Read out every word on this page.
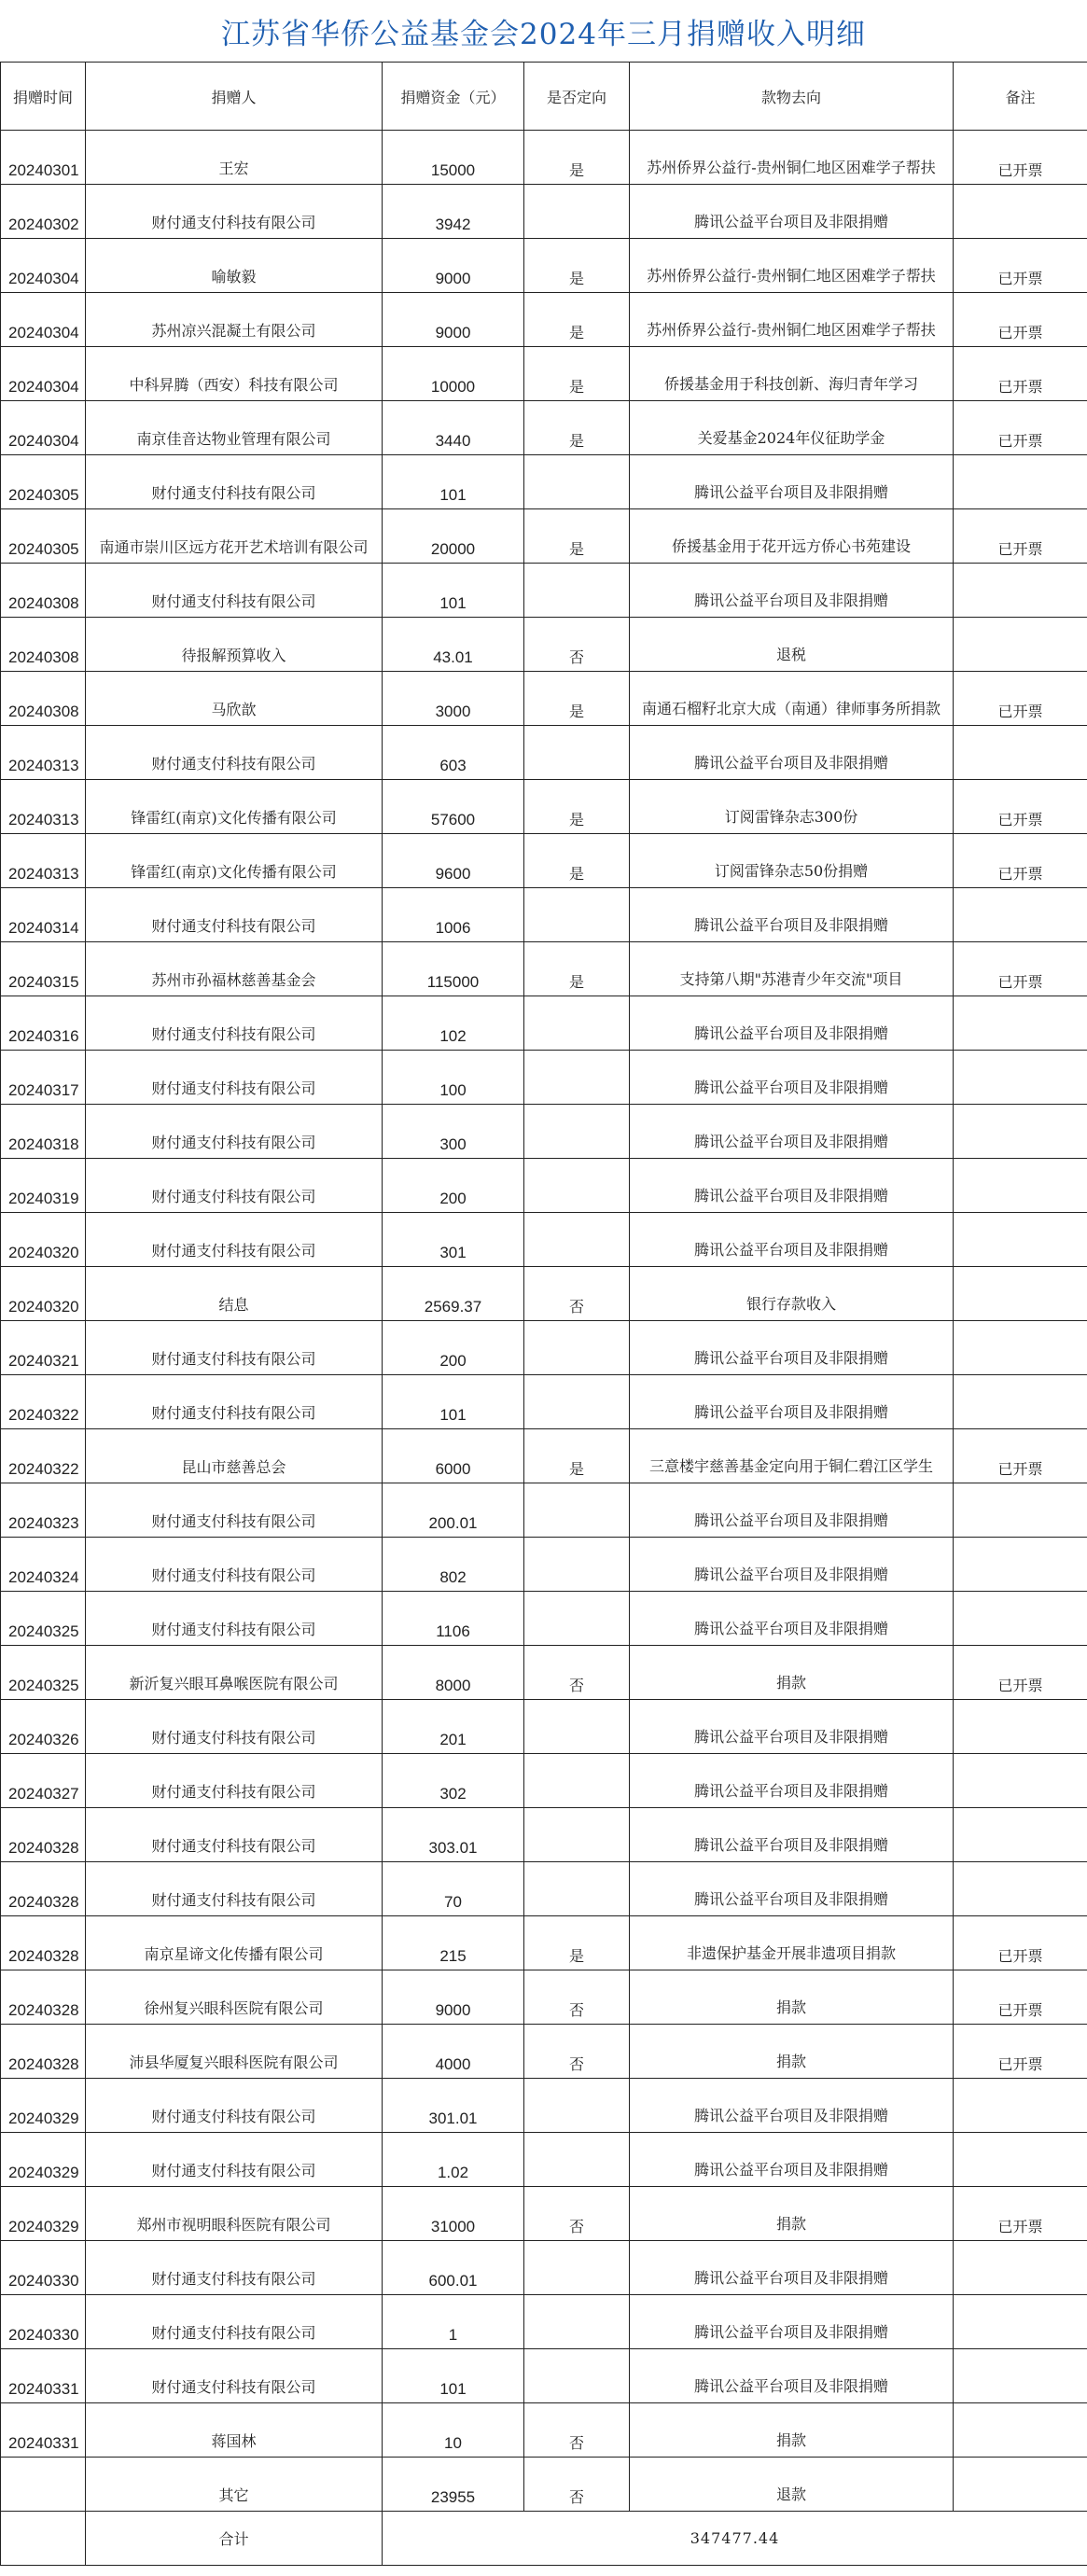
江苏省华侨公益基金会2024年三月捐赠收入明细
捐赠时间	捐赠人	捐赠资金（元）	是否定向	款物去向	备注
20240301	王宏	15000	是	苏州侨界公益行-贵州铜仁地区困难学子帮扶	已开票
20240302	财付通支付科技有限公司	3942		腾讯公益平台项目及非限捐赠	
20240304	喻敏毅	9000	是	苏州侨界公益行-贵州铜仁地区困难学子帮扶	已开票
20240304	苏州凉兴混凝土有限公司	9000	是	苏州侨界公益行-贵州铜仁地区困难学子帮扶	已开票
20240304	中科昇腾（西安）科技有限公司	10000	是	侨援基金用于科技创新、海归青年学习	已开票
20240304	南京佳音达物业管理有限公司	3440	是	关爱基金2024年仪征助学金	已开票
20240305	财付通支付科技有限公司	101		腾讯公益平台项目及非限捐赠	
20240305	南通市崇川区远方花开艺术培训有限公司	20000	是	侨援基金用于花开远方侨心书苑建设	已开票
20240308	财付通支付科技有限公司	101		腾讯公益平台项目及非限捐赠	
20240308	待报解预算收入	43.01	否	退税	
20240308	马欣歆	3000	是	南通石榴籽北京大成（南通）律师事务所捐款	已开票
20240313	财付通支付科技有限公司	603		腾讯公益平台项目及非限捐赠	
20240313	锋雷红(南京)文化传播有限公司	57600	是	订阅雷锋杂志300份	已开票
20240313	锋雷红(南京)文化传播有限公司	9600	是	订阅雷锋杂志50份捐赠	已开票
20240314	财付通支付科技有限公司	1006		腾讯公益平台项目及非限捐赠	
20240315	苏州市孙福林慈善基金会	115000	是	支持第八期"苏港青少年交流"项目	已开票
20240316	财付通支付科技有限公司	102		腾讯公益平台项目及非限捐赠	
20240317	财付通支付科技有限公司	100		腾讯公益平台项目及非限捐赠	
20240318	财付通支付科技有限公司	300		腾讯公益平台项目及非限捐赠	
20240319	财付通支付科技有限公司	200		腾讯公益平台项目及非限捐赠	
20240320	财付通支付科技有限公司	301		腾讯公益平台项目及非限捐赠	
20240320	结息	2569.37	否	银行存款收入	
20240321	财付通支付科技有限公司	200		腾讯公益平台项目及非限捐赠	
20240322	财付通支付科技有限公司	101		腾讯公益平台项目及非限捐赠	
20240322	昆山市慈善总会	6000	是	三意楼宇慈善基金定向用于铜仁碧江区学生	已开票
20240323	财付通支付科技有限公司	200.01		腾讯公益平台项目及非限捐赠	
20240324	财付通支付科技有限公司	802		腾讯公益平台项目及非限捐赠	
20240325	财付通支付科技有限公司	1106		腾讯公益平台项目及非限捐赠	
20240325	新沂复兴眼耳鼻喉医院有限公司	8000	否	捐款	已开票
20240326	财付通支付科技有限公司	201		腾讯公益平台项目及非限捐赠	
20240327	财付通支付科技有限公司	302		腾讯公益平台项目及非限捐赠	
20240328	财付通支付科技有限公司	303.01		腾讯公益平台项目及非限捐赠	
20240328	财付通支付科技有限公司	70		腾讯公益平台项目及非限捐赠	
20240328	南京星谛文化传播有限公司	215	是	非遗保护基金开展非遗项目捐款	已开票
20240328	徐州复兴眼科医院有限公司	9000	否	捐款	已开票
20240328	沛县华厦复兴眼科医院有限公司	4000	否	捐款	已开票
20240329	财付通支付科技有限公司	301.01		腾讯公益平台项目及非限捐赠	
20240329	财付通支付科技有限公司	1.02		腾讯公益平台项目及非限捐赠	
20240329	郑州市视明眼科医院有限公司	31000	否	捐款	已开票
20240330	财付通支付科技有限公司	600.01		腾讯公益平台项目及非限捐赠	
20240330	财付通支付科技有限公司	1		腾讯公益平台项目及非限捐赠	
20240331	财付通支付科技有限公司	101		腾讯公益平台项目及非限捐赠	
20240331	蒋国林	10	否	捐款	
	其它	23955	否	退款	
	合计	347477.44			
